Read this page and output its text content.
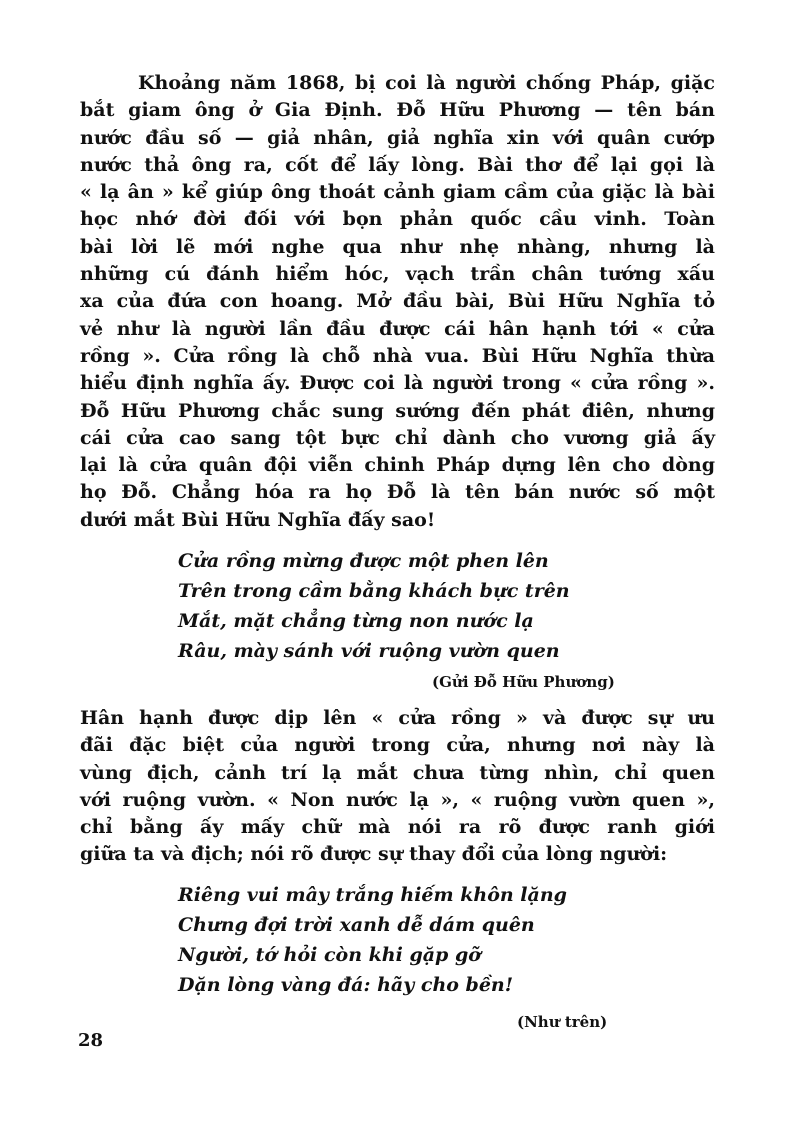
Khoảng năm 1868, bị coi là người chống Pháp, giặc
bắt giam ông ở Gia Định. Đỗ Hữu Phương — tên bán
nước đầu số — giả nhân, giả nghĩa xin với quân cướp
nước thả ông ra, cốt để lấy lòng. Bài thơ để lại gọi là
« lạ ân » kể giúp ông thoát cảnh giam cầm của giặc là bài
học nhớ đời đối với bọn phản quốc cầu vinh. Toàn
bài lời lẽ mới nghe qua như nhẹ nhàng, nhưng là
những cú đánh hiểm hóc, vạch trần chân tướng xấu
xa của đứa con hoang. Mở đầu bài, Bùi Hữu Nghĩa tỏ
vẻ như là người lần đầu được cái hân hạnh tới « cửa
rồng ». Cửa rồng là chỗ nhà vua. Bùi Hữu Nghĩa thừa
hiểu định nghĩa ấy. Được coi là người trong « cửa rồng ».
Đỗ Hữu Phương chắc sung sướng đến phát điên, nhưng
cái cửa cao sang tột bực chỉ dành cho vương giả ấy
lại là cửa quân đội viễn chinh Pháp dựng lên cho dòng
họ Đỗ. Chẳng hóa ra họ Đỗ là tên bán nước số một
dưới mắt Bùi Hữu Nghĩa đấy sao!
Cửa rồng mừng được một phen lên
Trên trong cầm bằng khách bực trên
Mắt, mặt chẳng từng non nước lạ
Râu, mày sánh với ruộng vườn quen
(Gửi Đỗ Hữu Phương)
Hân hạnh được dịp lên « cửa rồng » và được sự ưu
đãi đặc biệt của người trong cửa, nhưng nơi này là
vùng địch, cảnh trí lạ mắt chưa từng nhìn, chỉ quen
với ruộng vườn. « Non nước lạ », « ruộng vườn quen »,
chỉ bằng ấy mấy chữ mà nói ra rõ được ranh giới
giữa ta và địch; nói rõ được sự thay đổi của lòng người:
Riêng vui mây trắng hiếm khôn lặng
Chưng đợi trời xanh dễ dám quên
Người, tớ hỏi còn khi gặp gỡ
Dặn lòng vàng đá: hãy cho bền!
(Như trên)
28
